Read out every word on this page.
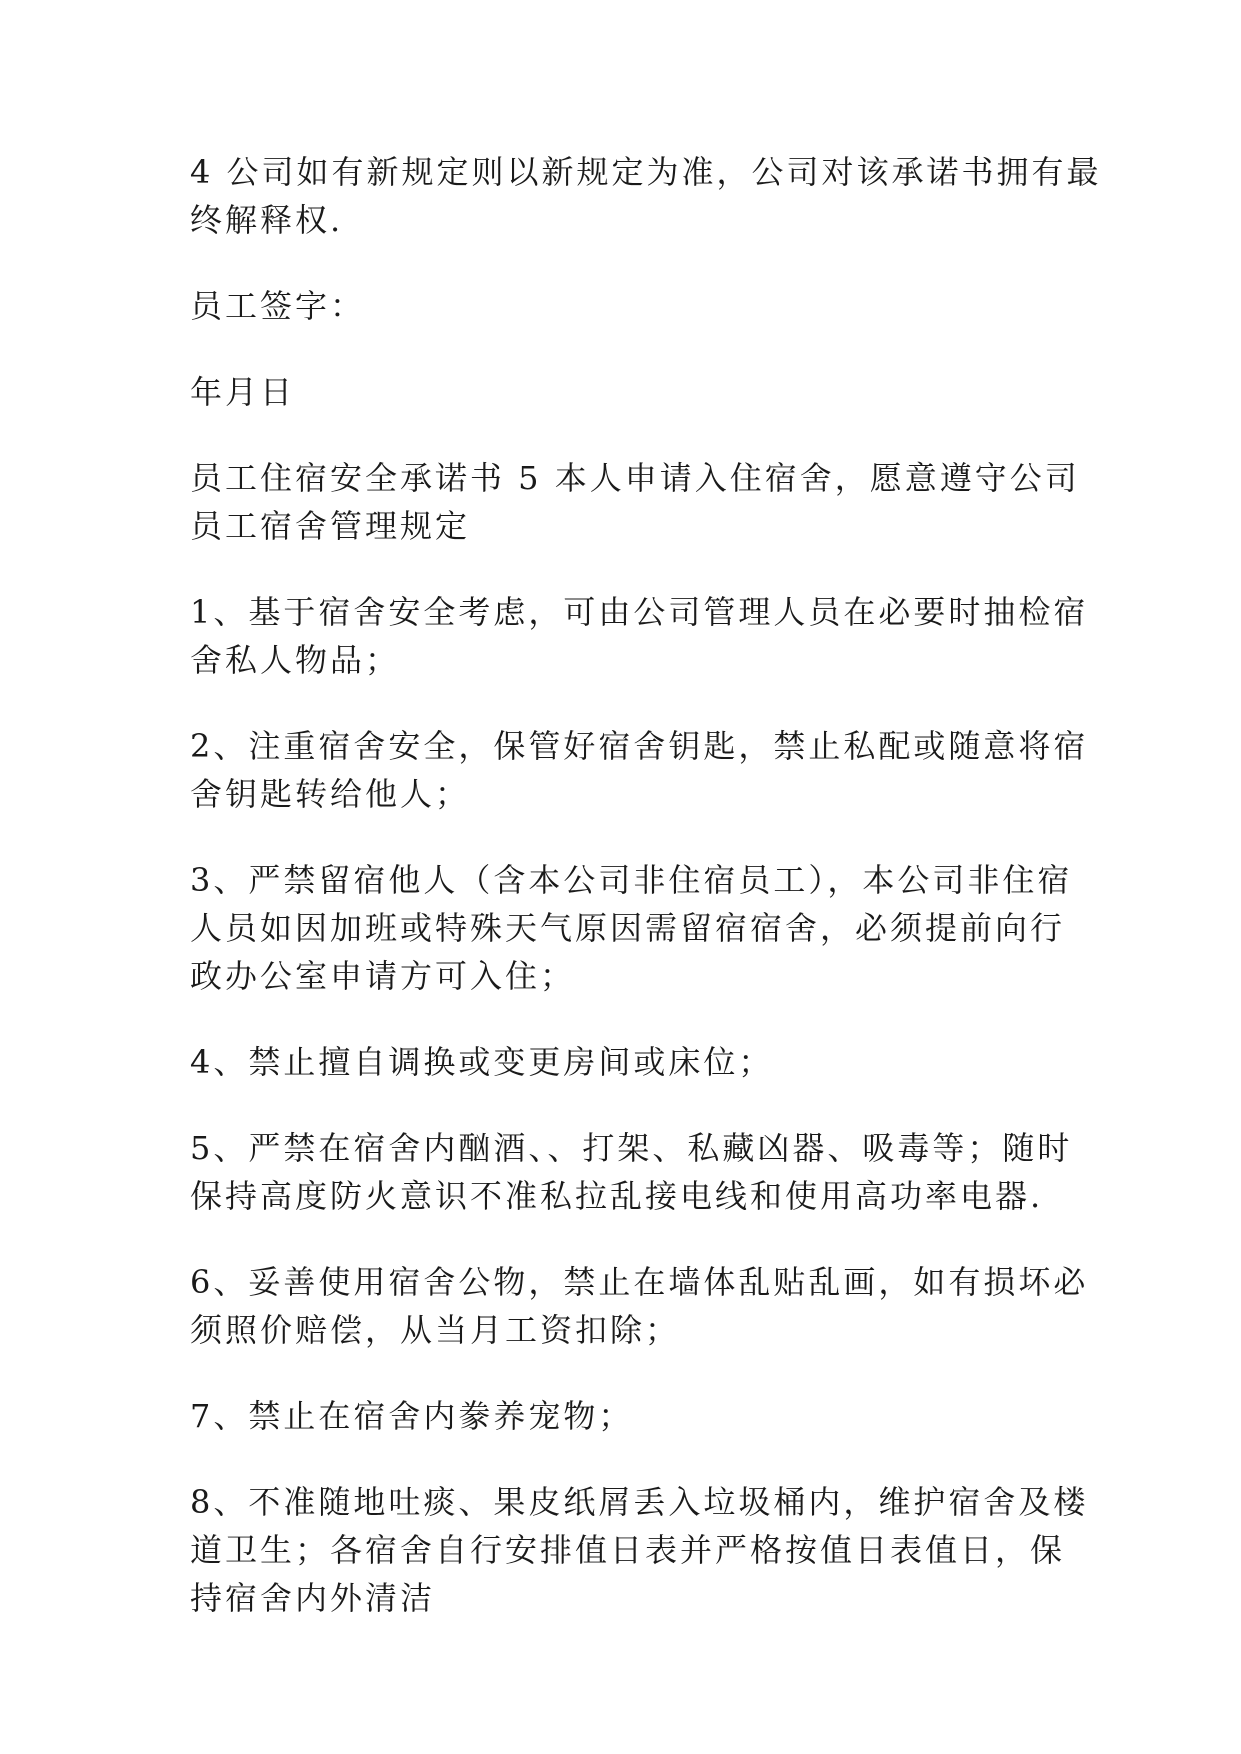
4 公司如有新规定则以新规定为准，公司对该承诺书拥有最
终解释权.
员工签字：
年月日
员工住宿安全承诺书 5 本人申请入住宿舍，愿意遵守公司
员工宿舍管理规定
1、基于宿舍安全考虑，可由公司管理人员在必要时抽检宿
舍私人物品；
2、注重宿舍安全，保管好宿舍钥匙，禁止私配或随意将宿
舍钥匙转给他人；
3、严禁留宿他人（含本公司非住宿员工），本公司非住宿
人员如因加班或特殊天气原因需留宿宿舍，必须提前向行
政办公室申请方可入住；
4、禁止擅自调换或变更房间或床位；
5、严禁在宿舍内酗酒、、打架、私藏凶器、吸毒等；随时
保持高度防火意识不准私拉乱接电线和使用高功率电器.
6、妥善使用宿舍公物，禁止在墙体乱贴乱画，如有损坏必
须照价赔偿，从当月工资扣除；
7、禁止在宿舍内豢养宠物；
8、不准随地吐痰、果皮纸屑丢入垃圾桶内，维护宿舍及楼
道卫生；各宿舍自行安排值日表并严格按值日表值日，保
持宿舍内外清洁
